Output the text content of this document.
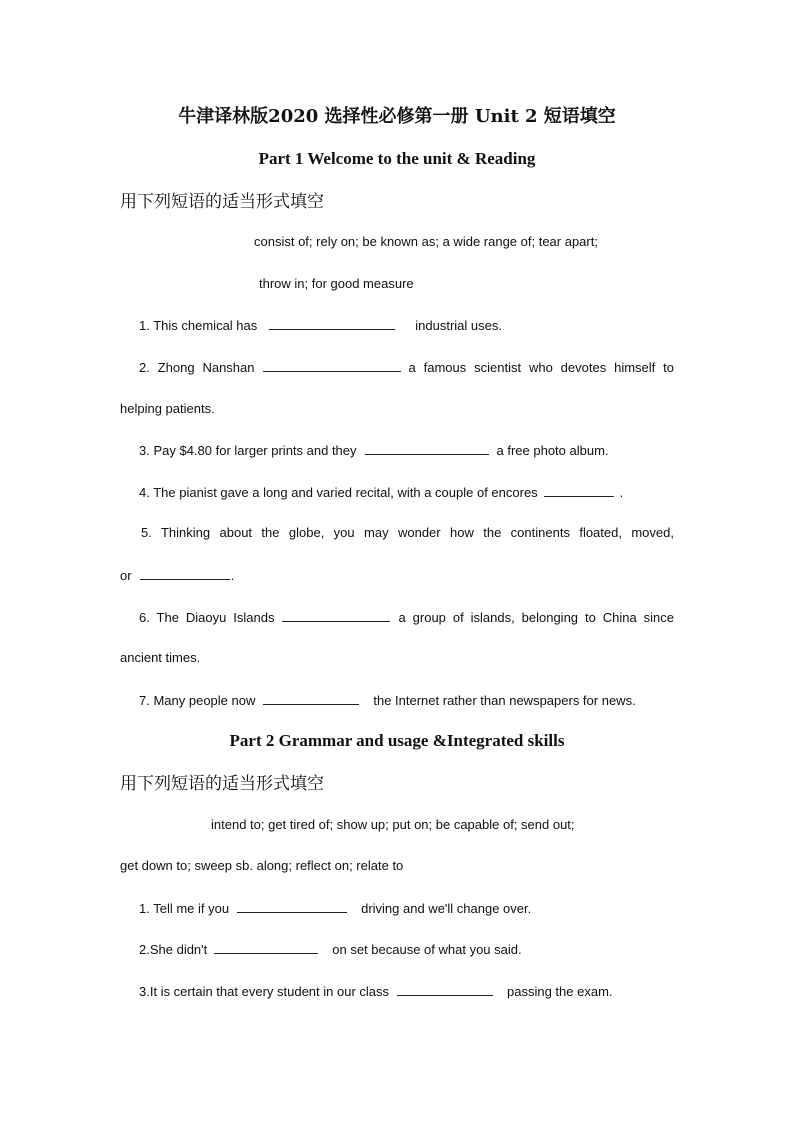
牛津译林版2020 选择性必修第一册 Unit 2 短语填空
Part 1 Welcome to the unit & Reading
用下列短语的适当形式填空
consist of; rely on; be known as; a wide range of; tear apart;
throw in; for good measure
1. This chemical has	industrial uses.
2. Zhong Nanshan	a famous scientist who devotes himself to
helping patients.
3. Pay $4.80 for larger prints and they	a free photo album.
4. The pianist gave a long and varied recital, with a couple of encores	.
5. Thinking about the globe, you may wonder how the continents floated, moved,
or	.
6. The Diaoyu Islands	a group of islands, belonging to China since
ancient times.
7. Many people now	the Internet rather than newspapers for news.
Part 2 Grammar and usage &Integrated skills
用下列短语的适当形式填空
intend to; get tired of; show up; put on; be capable of; send out;
get down to; sweep sb. along; reflect on; relate to
1. Tell me if you	driving and we'll change over.
2.She didn't	on set because of what you said.
3.It is certain that every student in our class	passing the exam.
